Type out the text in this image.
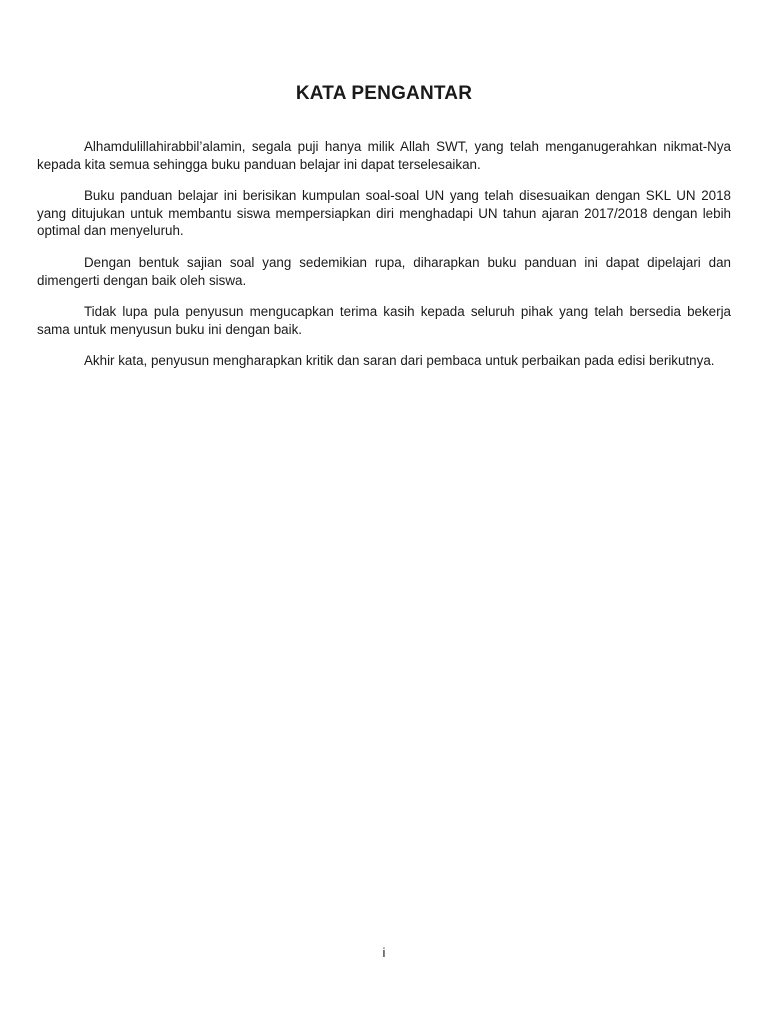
KATA PENGANTAR

Alhamdulillahirabbil’alamin, segala puji hanya milik Allah SWT, yang telah menganugerahkan nikmat-Nya kepada kita semua sehingga buku panduan belajar ini dapat terselesaikan.

Buku panduan belajar ini berisikan kumpulan soal-soal UN yang telah disesuaikan dengan SKL UN 2018 yang ditujukan untuk membantu siswa mempersiapkan diri menghadapi UN tahun ajaran 2017/2018 dengan lebih optimal dan menyeluruh.

Dengan bentuk sajian soal yang sedemikian rupa, diharapkan buku panduan ini dapat dipelajari dan dimengerti dengan baik oleh siswa.

Tidak lupa pula penyusun mengucapkan terima kasih kepada seluruh pihak yang telah bersedia bekerja sama untuk menyusun buku ini dengan baik.

Akhir kata, penyusun mengharapkan kritik dan saran dari pembaca untuk perbaikan pada edisi berikutnya.

i
